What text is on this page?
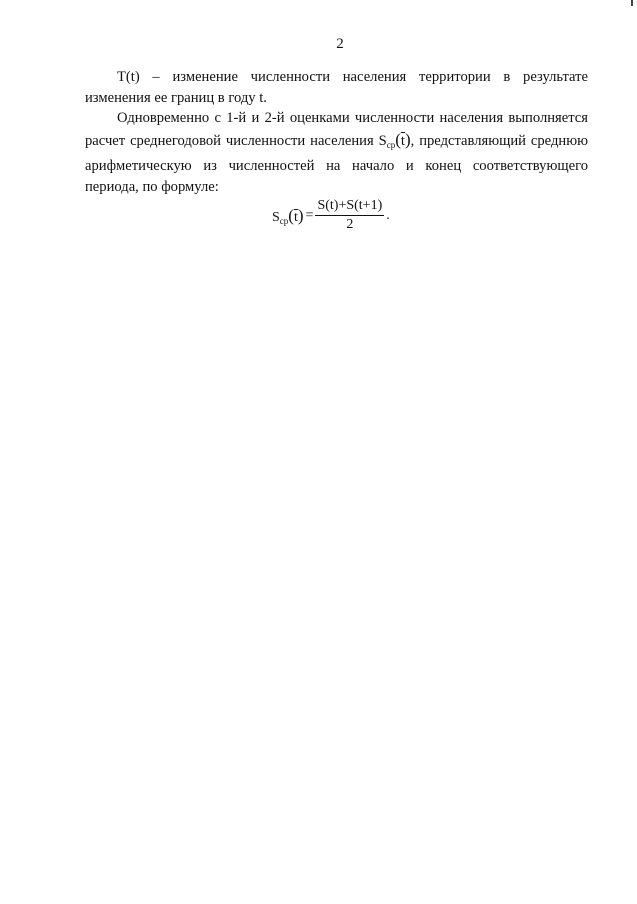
2

T(t) – изменение численности населения территории в результате изменения ее границ в году t.

Одновременно с 1-й и 2-й оценками численности населения выполняется расчет среднегодовой численности населения $S_{ср}(\overline{t})$, представляющий среднюю арифметическую из численностей на начало и конец соответствующего периода, по формуле:

$S_{ср}(\overline{t}) = \frac{S(t)+S(t+1)}{2}$ .
